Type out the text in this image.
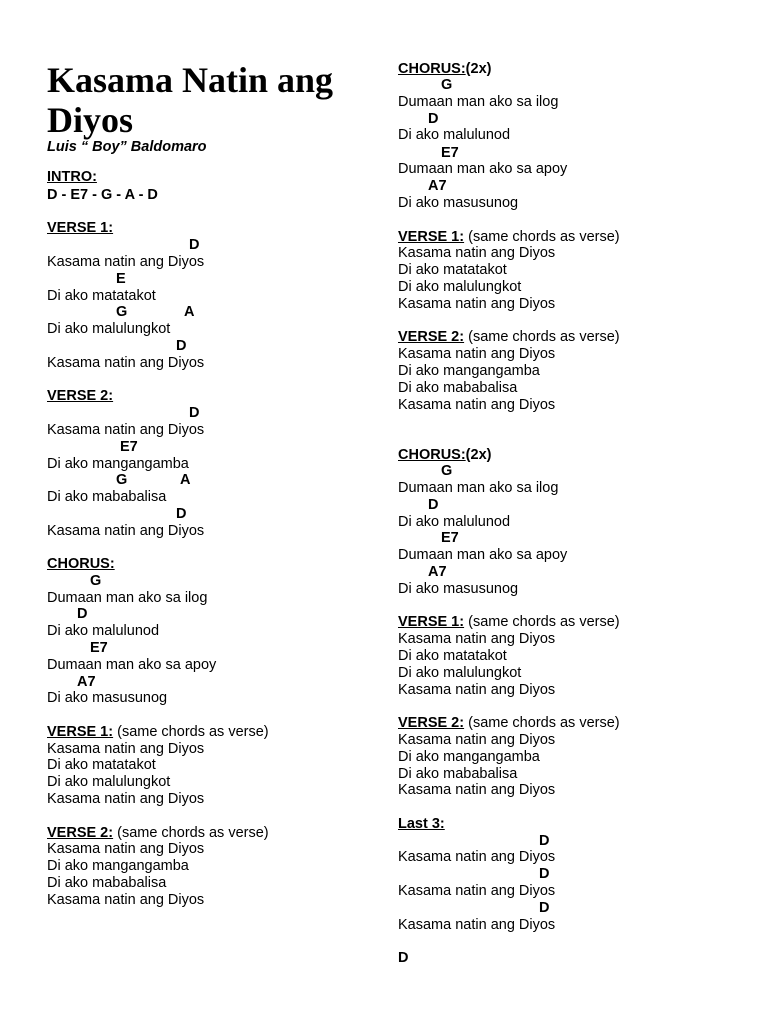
Kasama Natin ang Diyos
Luis “ Boy” Baldomaro
INTRO:
D - E7 - G - A - D
VERSE 1:
D
Kasama natin ang Diyos
E
Di ako matatakot
G	A
Di ako malulungkot
D
Kasama natin ang Diyos
VERSE 2:
D
Kasama natin ang Diyos
E7
Di ako mangangamba
G	A
Di ako mababalisa
D
Kasama natin ang Diyos
CHORUS:
G
Dumaan man ako sa ilog
D
Di ako malulunod
E7
Dumaan man ako sa apoy
A7
Di ako masusunog
VERSE 1: (same chords as verse)
Kasama natin ang Diyos
Di ako matatakot
Di ako malulungkot
Kasama natin ang Diyos
VERSE 2: (same chords as verse)
Kasama natin ang Diyos
Di ako mangangamba
Di ako mababalisa
Kasama natin ang Diyos
CHORUS:(2x)
G
Dumaan man ako sa ilog
D
Di ako malulunod
E7
Dumaan man ako sa apoy
A7
Di ako masusunog
VERSE 1: (same chords as verse)
Kasama natin ang Diyos
Di ako matatakot
Di ako malulungkot
Kasama natin ang Diyos
VERSE 2: (same chords as verse)
Kasama natin ang Diyos
Di ako mangangamba
Di ako mababalisa
Kasama natin ang Diyos
CHORUS:(2x)
G
Dumaan man ako sa ilog
D
Di ako malulunod
E7
Dumaan man ako sa apoy
A7
Di ako masusunog
VERSE 1: (same chords as verse)
Kasama natin ang Diyos
Di ako matatakot
Di ako malulungkot
Kasama natin ang Diyos
VERSE 2: (same chords as verse)
Kasama natin ang Diyos
Di ako mangangamba
Di ako mababalisa
Kasama natin ang Diyos
Last 3:
D
Kasama natin ang Diyos
D
Kasama natin ang Diyos
D
Kasama natin ang Diyos
D
